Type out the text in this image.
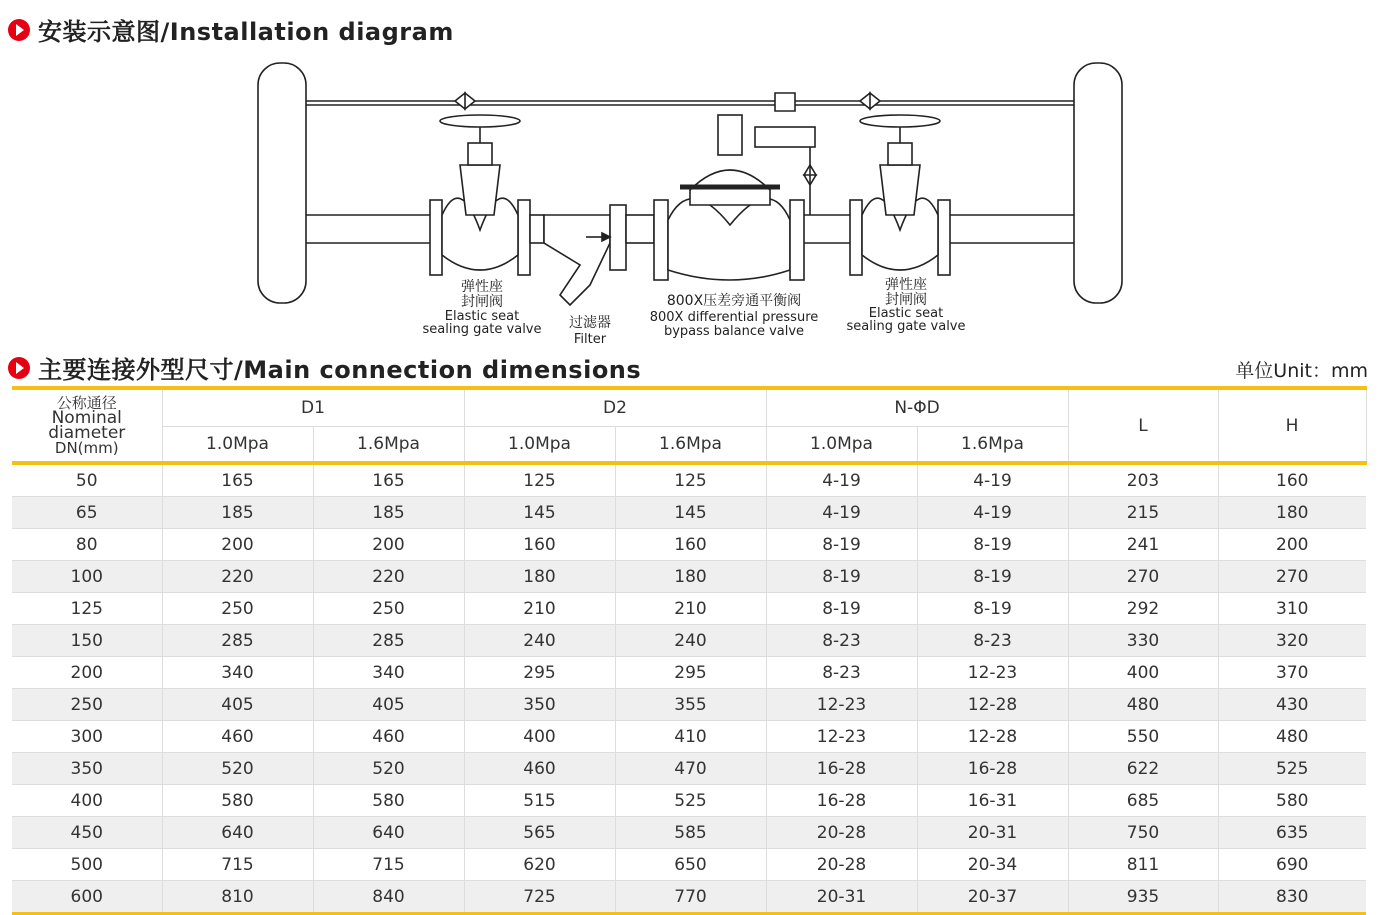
安装示意图/Installation diagram
弹性座
封闸阀
Elastic seat
sealing gate valve 过滤器
Filter
800X压差旁通平衡阀
800X differential pressure
bypass balance valve
弹性座
封闸阀
Elastic seat
sealing gate valve
主要连接外型尺寸/Main connection dimensions	单位Unit：mm
公称通径
Nominal diameter
DN(mm)	D1		D2		N-ΦD		L	H
	1.0Mpa	1.6Mpa	1.0Mpa	1.6Mpa	1.0Mpa	1.6Mpa		
50	165	165	125	125	4-19	4-19	203	160
65	185	185	145	145	4-19	4-19	215	180
80	200	200	160	160	8-19	8-19	241	200
100	220	220	180	180	8-19	8-19	270	270
125	250	250	210	210	8-19	8-19	292	310
150	285	285	240	240	8-23	8-23	330	320
200	340	340	295	295	8-23	12-23	400	370
250	405	405	350	355	12-23	12-28	480	430
300	460	460	400	410	12-23	12-28	550	480
350	520	520	460	470	16-28	16-28	622	525
400	580	580	515	525	16-28	16-31	685	580
450	640	640	565	585	20-28	20-31	750	635
500	715	715	620	650	20-28	20-34	811	690
600	810	840	725	770	20-31	20-37	935	830
